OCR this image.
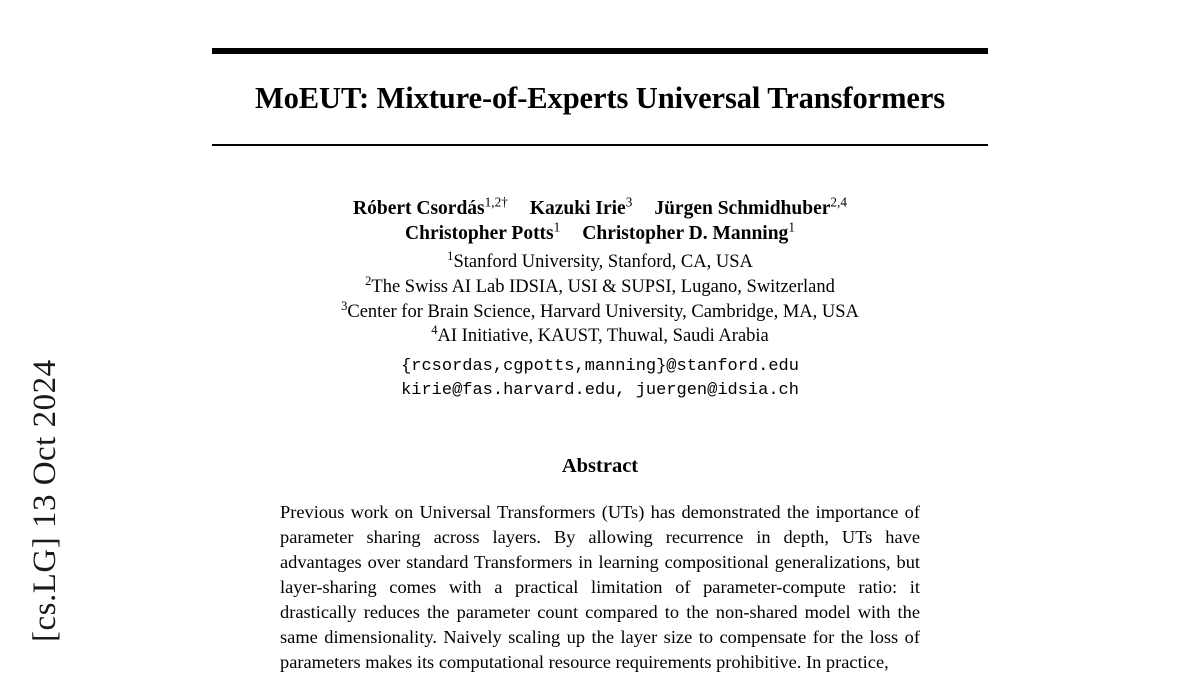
[cs.LG] 13 Oct 2024
MoEUT: Mixture-of-Experts Universal Transformers
Róbert Csordás$^{1,2\dagger}$ Kazuki Irie$^3$ Jürgen Schmidhuber$^{2,4}$
Christopher Potts$^1$ Christopher D. Manning$^1$
$^1$Stanford University, Stanford, CA, USA
$^2$The Swiss AI Lab IDSIA, USI & SUPSI, Lugano, Switzerland
$^3$Center for Brain Science, Harvard University, Cambridge, MA, USA
$^4$AI Initiative, KAUST, Thuwal, Saudi Arabia
{rcsordas,cgpotts,manning}@stanford.edu
kirie@fas.harvard.edu, juergen@idsia.ch
Abstract
Previous work on Universal Transformers (UTs) has demonstrated the importance of parameter sharing across layers. By allowing recurrence in depth, UTs have advantages over standard Transformers in learning compositional generalizations, but layer-sharing comes with a practical limitation of parameter-compute ratio: it drastically reduces the parameter count compared to the non-shared model with the same dimensionality. Naively scaling up the layer size to compensate for the loss of parameters makes its computational resource requirements prohibitive. In practice,
